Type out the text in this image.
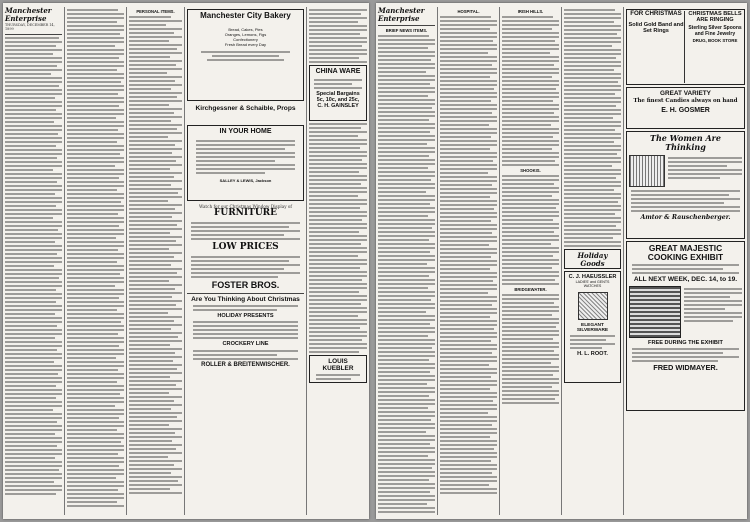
Manchester Enterprise
THURSDAY, DECEMBER 14, 1899
PERSONAL ITEMS.	Manchester City Bakery
Bread, Cakes, Pies
Oranges, Lemons, Figs
Confectionery
Fresh Bread every Day
Kirchgessner & Schaible, Props
IN YOUR HOME
SALLEY & LEWIS, Jackson
Watch for our Christmas Window Display of
FURNITURE
LOW PRICES
FOSTER BROS.
Are You Thinking About Christmas
HOLIDAY PRESENTS
CROCKERY LINE
ROLLER & BREITENWISCHER.
CHINA WARE
Special Bargains
5c, 10c, and 25c,
C. H. GAINSLEY
LOUIS KUEBLER
Manchester Enterprise
BRIEF NEWS ITEMS.
HOSPITAL.	IRISH HILLS.
SHOOKIS.
BRIDGEWATER.
Holiday Goods
C. J. HAEUSSLER
LADIES' and GENTS WATCHES
ELEGANT SILVERWARE
H. L. ROOT.
FOR CHRISTMAS
Solid Gold Band and Set Rings
CHRISTMAS BELLS ARE RINGING
Sterling Silver Spoons and Fine Jewelry
DRUG, BOOK STORE
GREAT VARIETY
The finest Candies always on hand
E. H. GOSMER
The Women Are Thinking
Amtor & Rauschenberger.
GREAT MAJESTIC
COOKING EXHIBIT
ALL NEXT WEEK, DEC. 14, to 19.
FREE DURING THE EXHIBIT
FRED WIDMAYER.
